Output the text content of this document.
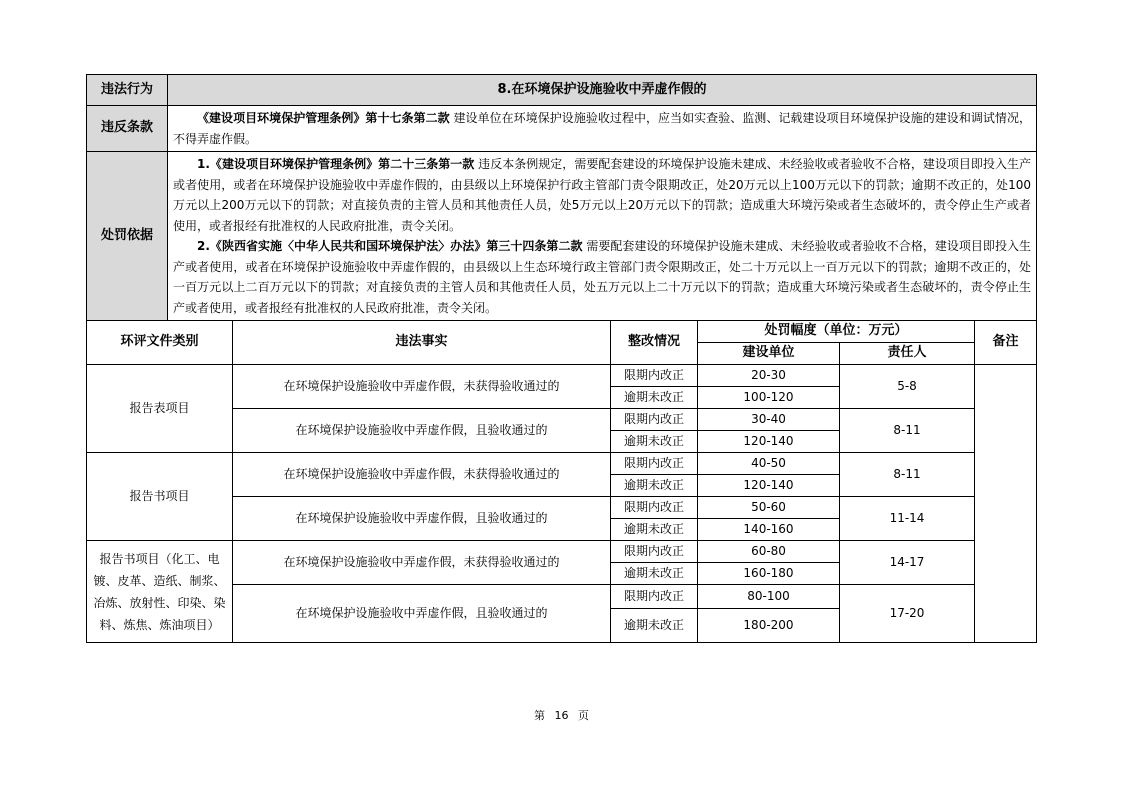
违法行为	8.在环境保护设施验收中弄虚作假的
违反条款	《建设项目环境保护管理条例》第十七条第二款 建设单位在环境保护设施验收过程中，应当如实查验、监测、记载建设项目环境保护设施的建设和调试情况，不得弄虚作假。

处罚依据	1.《建设项目环境保护管理条例》第二十三条第一款 违反本条例规定，需要配套建设的环境保护设施未建成、未经验收或者验收不合格，建设项目即投入生产或者使用，或者在环境保护设施验收中弄虚作假的，由县级以上环境保护行政主管部门责令限期改正，处20万元以上100万元以下的罚款；逾期不改正的，处100万元以上200万元以下的罚款；对直接负责的主管人员和其他责任人员，处5万元以上20万元以下的罚款；造成重大环境污染或者生态破坏的，责令停止生产或者使用，或者报经有批准权的人民政府批准，责令关闭。

2.《陕西省实施〈中华人民共和国环境保护法〉办法》第三十四条第二款 需要配套建设的环境保护设施未建成、未经验收或者验收不合格，建设项目即投入生产或者使用，或者在环境保护设施验收中弄虚作假的，由县级以上生态环境行政主管部门责令限期改正，处二十万元以上一百万元以下的罚款；逾期不改正的，处一百万元以上二百万元以下的罚款；对直接负责的主管人员和其他责任人员，处五万元以上二十万元以下的罚款；造成重大环境污染或者生态破坏的，责令停止生产或者使用，或者报经有批准权的人民政府批准，责令关闭。

环评文件类别	违法事实	整改情况	处罚幅度（单位：万元）		备注
			建设单位	责任人	
报告表项目	在环境保护设施验收中弄虚作假，未获得验收通过的	限期内改正	20-30	5-8	
		逾期未改正	100-120		
	在环境保护设施验收中弄虚作假，且验收通过的	限期内改正	30-40	8-11	
		逾期未改正	120-140		
报告书项目	在环境保护设施验收中弄虚作假，未获得验收通过的	限期内改正	40-50	8-11	
		逾期未改正	120-140		
	在环境保护设施验收中弄虚作假，且验收通过的	限期内改正	50-60	11-14	
		逾期未改正	140-160		
报告书项目（化工、电镀、皮革、造纸、制浆、冶炼、放射性、印染、染料、炼焦、炼油项目）	在环境保护设施验收中弄虚作假，未获得验收通过的	限期内改正	60-80	14-17	
		逾期未改正	160-180		
	在环境保护设施验收中弄虚作假，且验收通过的	限期内改正	80-100	17-20	
		逾期未改正	180-200		
第 16 页
